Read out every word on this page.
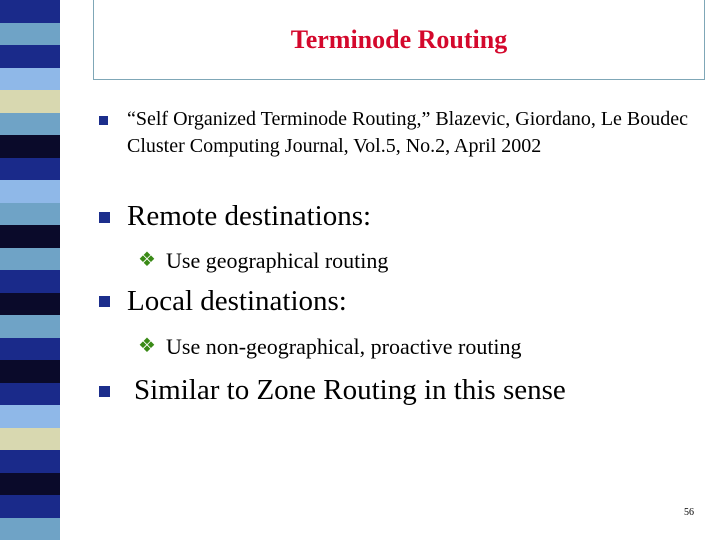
Terminode Routing
“Self Organized Terminode Routing,” Blazevic, Giordano, Le Boudec Cluster Computing Journal, Vol.5, No.2, April 2002
Remote destinations:
❖ Use geographical routing
Local destinations:
❖ Use non-geographical, proactive routing
Similar to Zone Routing in this sense
56
